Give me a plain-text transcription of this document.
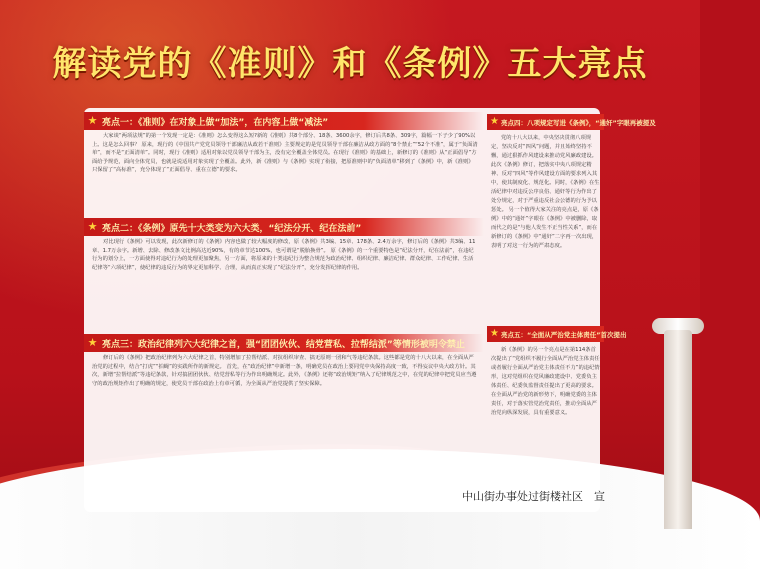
解读党的《准则》和《条例》五大亮点
★ 亮点一：《准则》在对象上做“加法”，在内容上做“减法”
大家谈“两项法规”的第一个发现一定是：《准则》怎么变得这么短?新的《准则》共8个部分、18条、3600余字，修订后共8条、309字，篇幅一下子少了90%以上。这是怎么回事？ 原来，现行的《中国共产党党员领导干部廉洁从政若干准则》主要规定的是党员领导干部在廉洁从政方面的“8个禁止”“52个不准”，属于“负面清单”，而不是“正面清单”。同时，现行《准则》适用对象以党员领导干部为主，没有完全覆盖全体党员。在现行《准则》的基础上，新修订的《准则》从“正面倡导”方面给予规范，面向全体党员，也就是说适用对象实现了全覆盖。此外，新《准则》与《条例》实现了衔接，把原准则中的“负面清单”移到了《条例》中，新《准则》只保留了“高标准”，充分体现了“正面倡导、重在立德”的要求。
★ 亮点二：《条例》原先十大类变为六大类，“纪法分开、纪在法前”
对比现行《条例》可以发现，此次新修订的《条例》内容也做了较大幅度的修改，原《条例》共3编、15章、178条、2.4万余字，修订后的《条例》共3编、11章、1.7万余字。新增、去除、修改条文比例高达近90%，有的章节达100%，也可谓是“脱胎换骨”。 原《条例》的一个重要特色是“纪法分开，纪在法前”，在违纪行为的划分上，一方面使得对违纪行为的处理更加聚焦，另一方面，将原来的十类违纪行为整合规范为政治纪律、组织纪律、廉洁纪律、群众纪律、工作纪律、生活纪律等“六项纪律”，使纪律的违反行为的界定更加科学、合理，从而真正实现了“纪法分开”，充分发挥纪律的作用。
★ 亮点三：政治纪律列六大纪律之首，强“团团伙伙、结党营私、拉帮结派”等情形被明令禁止
修订后的《条例》把政治纪律列为六大纪律之首，特别增加了拉帮结派、对抗组织审查、搞无原则一团和气等违纪条款。这些都是党的十八大以来，在全面从严治党的过程中，结合“打虎”“拍蝇”的实践所作的新规定。 首先，在“政治纪律”中新增一条，明确党员在政治上要同党中央保持高度一致，不得妄议中央大政方针。其次，新增“拉帮结派”等违纪条款，针对搞团团伙伙、结党营私等行为作出明确规定。此外，《条例》还将“政治规矩”纳入了纪律规范之中，在党的纪律中把党员应当遵守的政治规矩作出了明确的规定，使党员干部在政治上有章可循，为全面从严治党提供了坚实保障。
★ 亮点四：八项规定写进《条例》，“通奸”字眼再被提及
党的十八大以来，中央坚决贯彻八项规定，坚决反对“四风”问题，并且始终坚持不懈，通过狠抓作风建设来推动党风廉政建设。此次《条例》修订，把落实中央八项规定精神、反对“四风”等作风建设方面的要求列入其中，使其制度化、规范化。同时，《条例》在生活纪律中对违反公序良俗、通奸等行为作出了处分规定，对于严重违反社会公德的行为予以惩处。 另一个值得大家关注的亮点是，原《条例》中的“通奸”字眼在《条例》中被删除，取而代之的是“与他人发生不正当性关系”，而在新修订的《条例》中“通奸”二字再一次出现，表明了对这一行为的严肃态度。
★ 亮点五：“全面从严治党主体责任”首次提出
新《条例》的另一个亮点是在第114条首次提出了“党组织不履行全面从严治党主体责任或者履行全面从严治党主体责任不力”的违纪情形，这对党组织在党风廉政建设中、党委负主体责任、纪委负监督责任提出了更高的要求。在全面从严治党的新形势下，明确党委的主体责任，对于落实管党治党责任，推动全面从严治党向纵深发展，具有重要意义。
中山街办事处过街楼社区　宣
